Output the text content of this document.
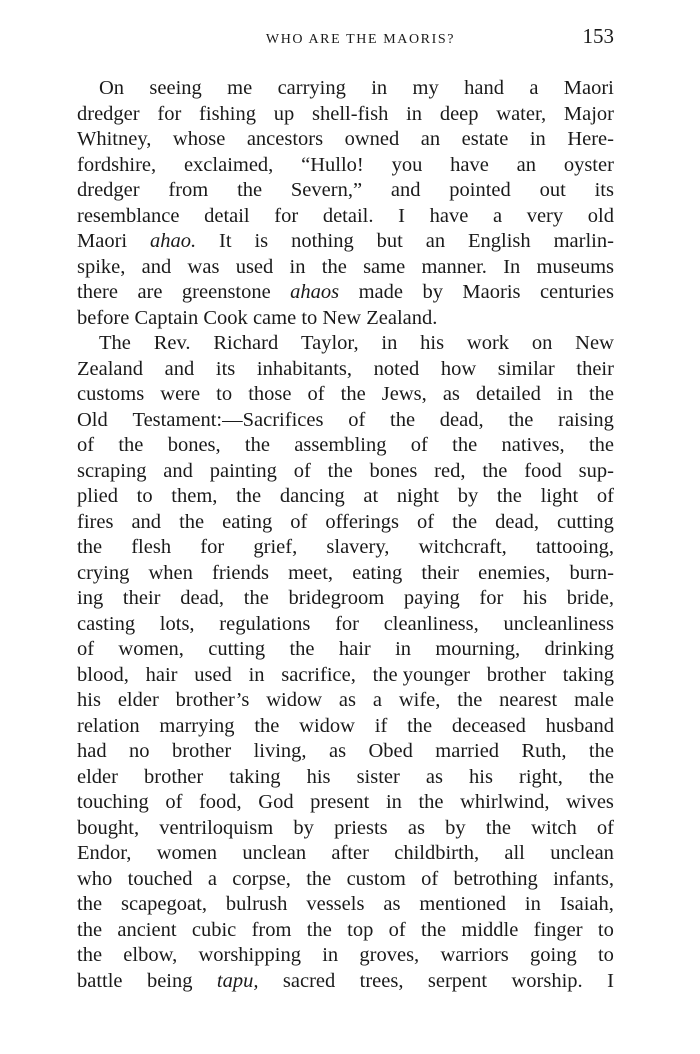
WHO ARE THE MAORIS?	153
On seeing me carrying in my hand a Maori
dredger for fishing up shell-fish in deep water, Major
Whitney, whose ancestors owned an estate in Here-
fordshire, exclaimed, “Hullo! you have an oyster
dredger from the Severn,” and pointed out its
resemblance detail for detail. I have a very old
Maori ahao. It is nothing but an English marlin-
spike, and was used in the same manner. In museums
there are greenstone ahaos made by Maoris centuries
before
Captain
Cook
came
to
New
Zealand.
The Rev. Richard Taylor, in his work on New
Zealand and its inhabitants, noted how similar their
customs were to those of the Jews, as detailed in the
Old Testament:—Sacrifices of the dead, the raising
of the bones, the assembling of the natives, the
scraping and painting of the bones red, the food sup-
plied to them, the dancing at night by the light of
fires and the eating of offerings of the dead, cutting
the flesh for grief, slavery, witchcraft, tattooing,
crying when friends meet, eating their enemies, burn-
ing their dead, the bridegroom paying for his bride,
casting lots, regulations for cleanliness, uncleanliness
of women, cutting the hair in mourning, drinking
blood, hair used in sacrifice, the younger brother taking
his elder brother’s widow as a wife, the nearest male
relation marrying the widow if the deceased husband
had no brother living, as Obed married Ruth, the
elder brother taking his sister as his right, the
touching of food, God present in the whirlwind, wives
bought, ventriloquism by priests as by the witch of
Endor, women unclean after childbirth, all unclean
who touched a corpse, the custom of betrothing infants,
the scapegoat, bulrush vessels as mentioned in Isaiah,
the ancient cubic from the top of the middle finger to
the elbow, worshipping in groves, warriors going to
battle being tapu, sacred trees, serpent worship. I
